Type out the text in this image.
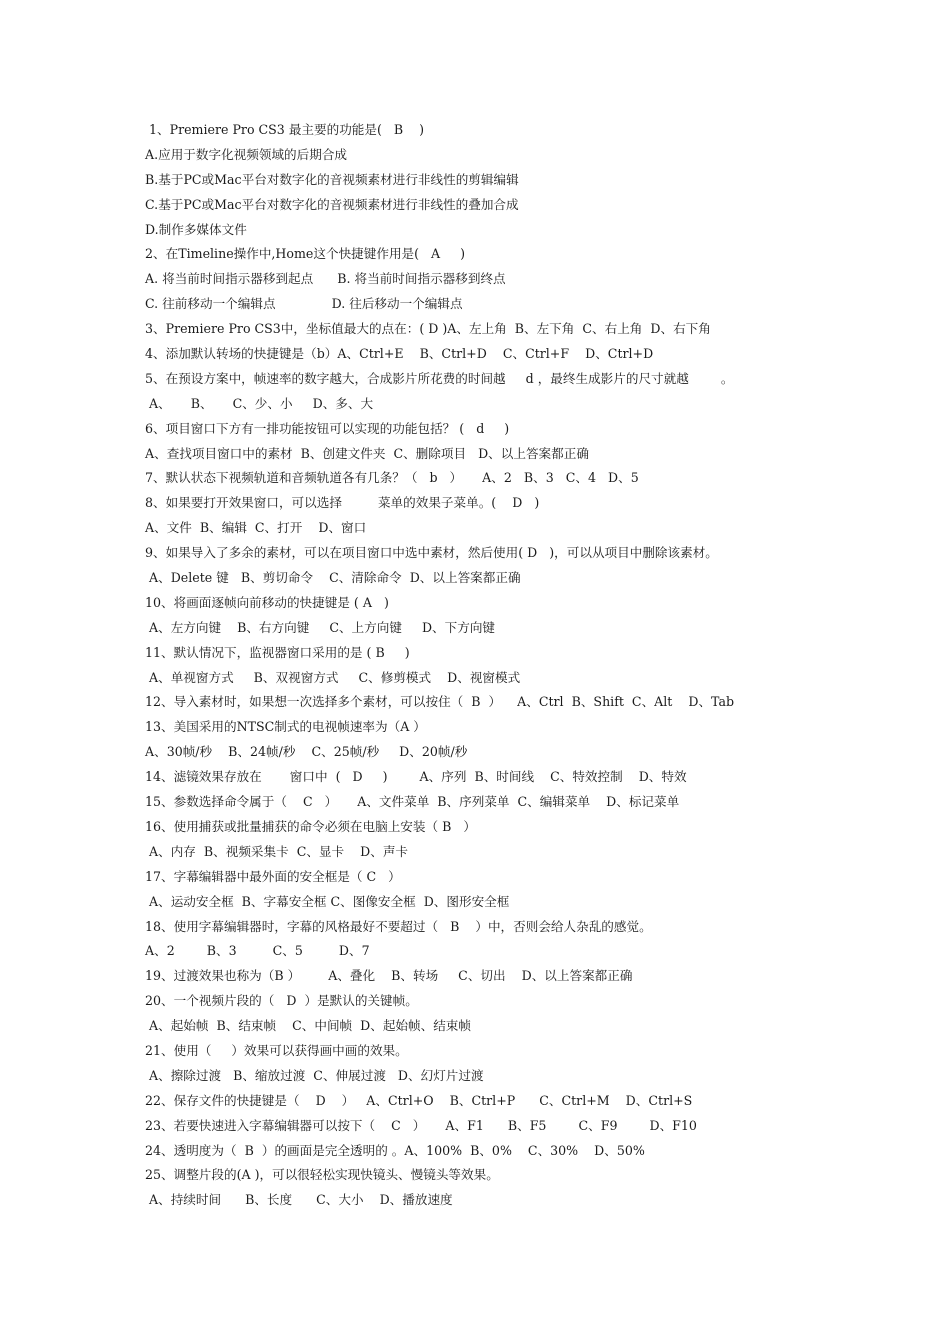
1、Premiere Pro CS3 最主要的功能是(   B    )
A.应用于数字化视频领域的后期合成
B.基于PC或Mac平台对数字化的音视频素材进行非线性的剪辑编辑
C.基于PC或Mac平台对数字化的音视频素材进行非线性的叠加合成
D.制作多媒体文件
2、在Timeline操作中,Home这个快捷键作用是(   A     )
A. 将当前时间指示器移到起点      B. 将当前时间指示器移到终点
C. 往前移动一个编辑点              D. 往后移动一个编辑点
3、Premiere Pro CS3中，坐标值最大的点在：( D )A、左上角  B、左下角  C、右上角  D、右下角
4、添加默认转场的快捷键是（b）A、Ctrl+E    B、Ctrl+D    C、Ctrl+F    D、Ctrl+D
5、在预设方案中，帧速率的数字越大，合成影片所花费的时间越     d ，最终生成影片的尺寸就越        。
A、     B、     C、少、小     D、多、大
6、项目窗口下方有一排功能按钮可以实现的功能包括？ (   d     )
A、查找项目窗口中的素材  B、创建文件夹  C、删除项目   D、以上答案都正确
7、默认状态下视频轨道和音频轨道各有几条？（   b   ）     A、2   B、3   C、4   D、5
8、如果要打开效果窗口，可以选择         菜单的效果子菜单。(    D   )
A、文件  B、编辑  C、打开    D、窗口
9、如果导入了多余的素材，可以在项目窗口中选中素材，然后使用( D   )，可以从项目中删除该素材。
A、Delete 键   B、剪切命令    C、清除命令  D、以上答案都正确
10、将画面逐帧向前移动的快捷键是 ( A   )
A、左方向键    B、右方向键     C、上方向键     D、下方向键
11、默认情况下，监视器窗口采用的是 ( B     )
A、单视窗方式     B、双视窗方式     C、修剪模式    D、视窗模式
12、导入素材时，如果想一次选择多个素材，可以按住（  B  ）    A、Ctrl  B、Shift  C、Alt    D、Tab
13、美国采用的NTSC制式的电视帧速率为（A ）
A、30帧/秒    B、24帧/秒    C、25帧/秒     D、20帧/秒
14、滤镜效果存放在       窗口中  (   D     )        A、序列  B、时间线    C、特效控制    D、特效
15、参数选择命令属于（    C   ）     A、文件菜单  B、序列菜单  C、编辑菜单    D、标记菜单
16、使用捕获或批量捕获的命令必须在电脑上安装（ B   ）
A、内存  B、视频采集卡  C、显卡    D、声卡
17、字幕编辑器中最外面的安全框是（ C   ）
A、运动安全框  B、字幕安全框 C、图像安全框  D、图形安全框
18、使用字幕编辑器时，字幕的风格最好不要超过（   B    ）中，否则会给人杂乱的感觉。
A、2        B、3         C、5         D、7
19、过渡效果也称为（B ）       A、叠化    B、转场     C、切出    D、以上答案都正确
20、一个视频片段的（   D  ）是默认的关键帧。
A、起始帧  B、结束帧    C、中间帧  D、起始帧、结束帧
21、使用（     ）效果可以获得画中画的效果。
A、擦除过渡   B、缩放过渡  C、伸展过渡   D、幻灯片过渡
22、保存文件的快捷键是（    D    ）   A、Ctrl+O    B、Ctrl+P      C、Ctrl+M    D、Ctrl+S
23、若要快速进入字幕编辑器可以按下（    C   ）     A、F1      B、F5        C、F9        D、F10
24、透明度为（  B  ）的画面是完全透明的 。A、100%  B、0%    C、30%    D、50%
25、调整片段的(A )，可以很轻松实现快镜头、慢镜头等效果。
A、持续时间      B、长度      C、大小    D、播放速度
